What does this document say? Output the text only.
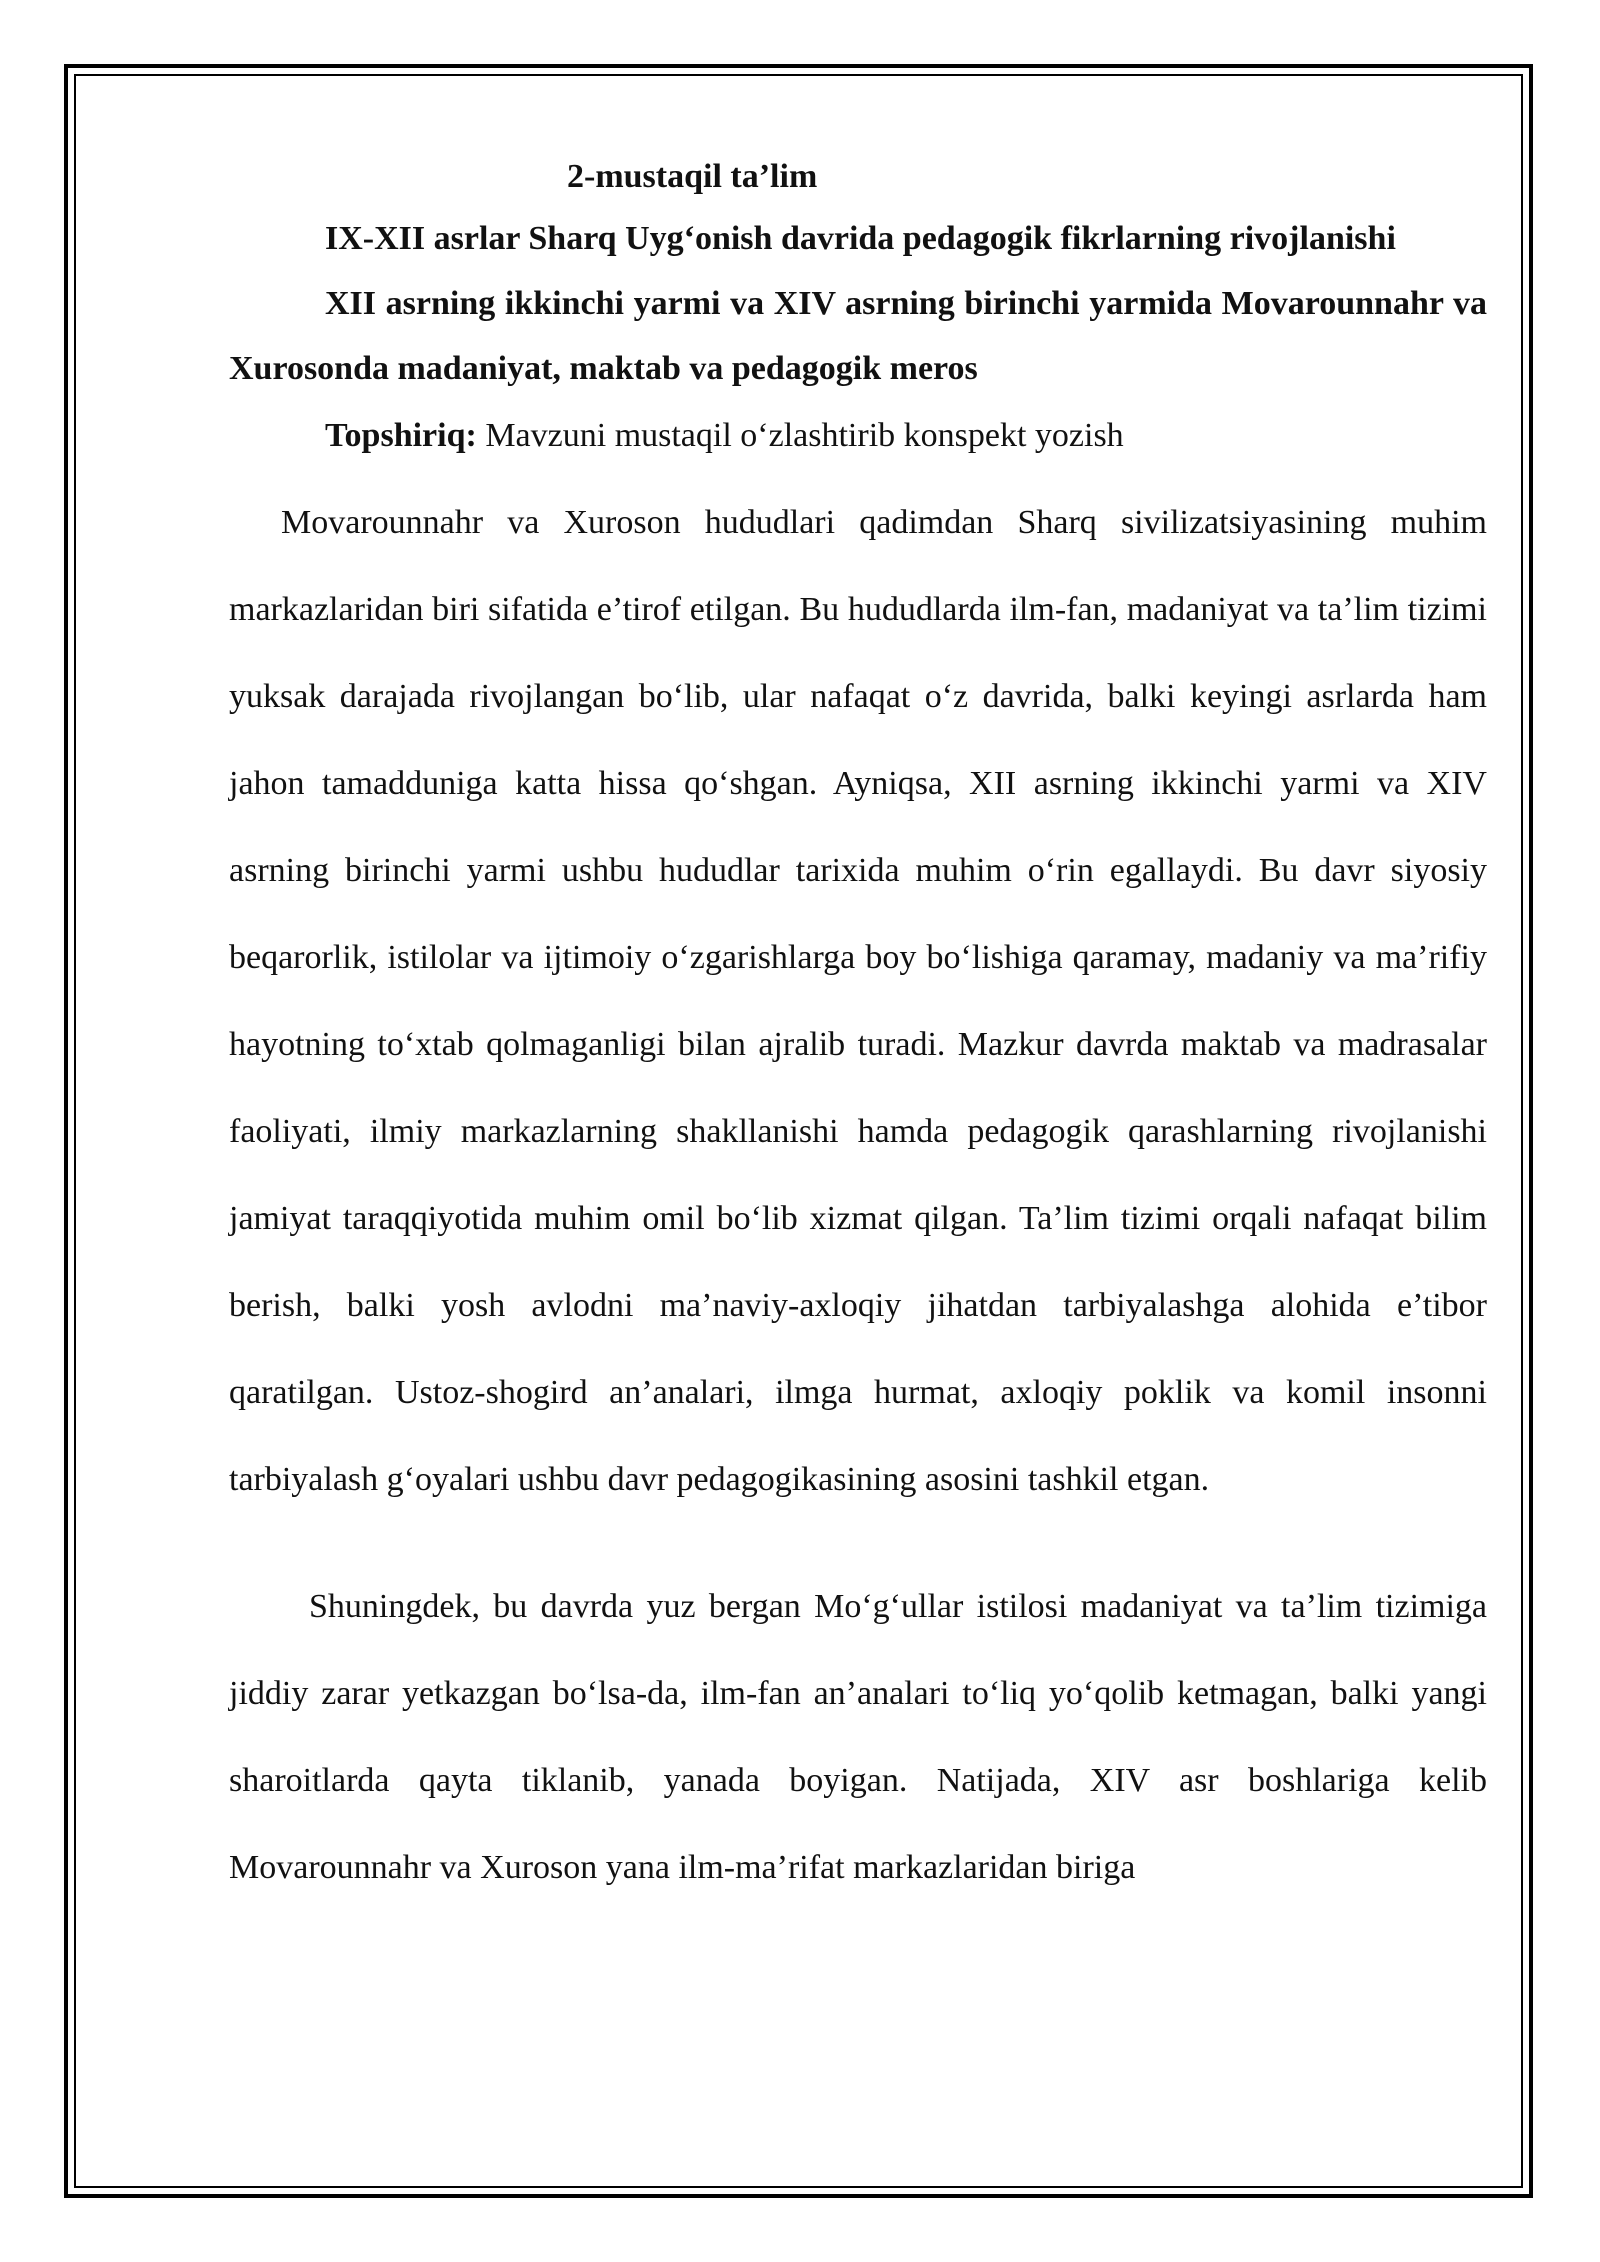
2-mustaqil ta’lim

IX-XII asrlar Sharq Uyg‘onish davrida pedagogik fikrlarning rivojlanishi

XII asrning ikkinchi yarmi va XIV asrning birinchi yarmida Movarounnahr va Xurosonda madaniyat, maktab va pedagogik meros

Topshiriq: Mavzuni mustaqil o‘zlashtirib konspekt yozish

Movarounnahr va Xuroson hududlari qadimdan Sharq sivilizatsiyasining muhim markazlaridan biri sifatida e’tirof etilgan. Bu hududlarda ilm-fan, madaniyat va ta’lim tizimi yuksak darajada rivojlangan bo‘lib, ular nafaqat o‘z davrida, balki keyingi asrlarda ham jahon tamadduniga katta hissa qo‘shgan. Ayniqsa, XII asrning ikkinchi yarmi va XIV asrning birinchi yarmi ushbu hududlar tarixida muhim o‘rin egallaydi. Bu davr siyosiy beqarorlik, istilolar va ijtimoiy o‘zgarishlarga boy bo‘lishiga qaramay, madaniy va ma’rifiy hayotning to‘xtab qolmaganligi bilan ajralib turadi. Mazkur davrda maktab va madrasalar faoliyati, ilmiy markazlarning shakllanishi hamda pedagogik qarashlarning rivojlanishi jamiyat taraqqiyotida muhim omil bo‘lib xizmat qilgan. Ta’lim tizimi orqali nafaqat bilim berish, balki yosh avlodni ma’naviy-axloqiy jihatdan tarbiyalashga alohida e’tibor qaratilgan. Ustoz-shogird an’analari, ilmga hurmat, axloqiy poklik va komil insonni tarbiyalash g‘oyalari ushbu davr pedagogikasining asosini tashkil etgan.

Shuningdek, bu davrda yuz bergan Mo‘g‘ullar istilosi madaniyat va ta’lim tizimiga jiddiy zarar yetkazgan bo‘lsa-da, ilm-fan an’analari to‘liq yo‘qolib ketmagan, balki yangi sharoitlarda qayta tiklanib, yanada boyigan. Natijada, XIV asr boshlariga kelib Movarounnahr va Xuroson yana ilm-ma’rifat markazlaridan biriga
